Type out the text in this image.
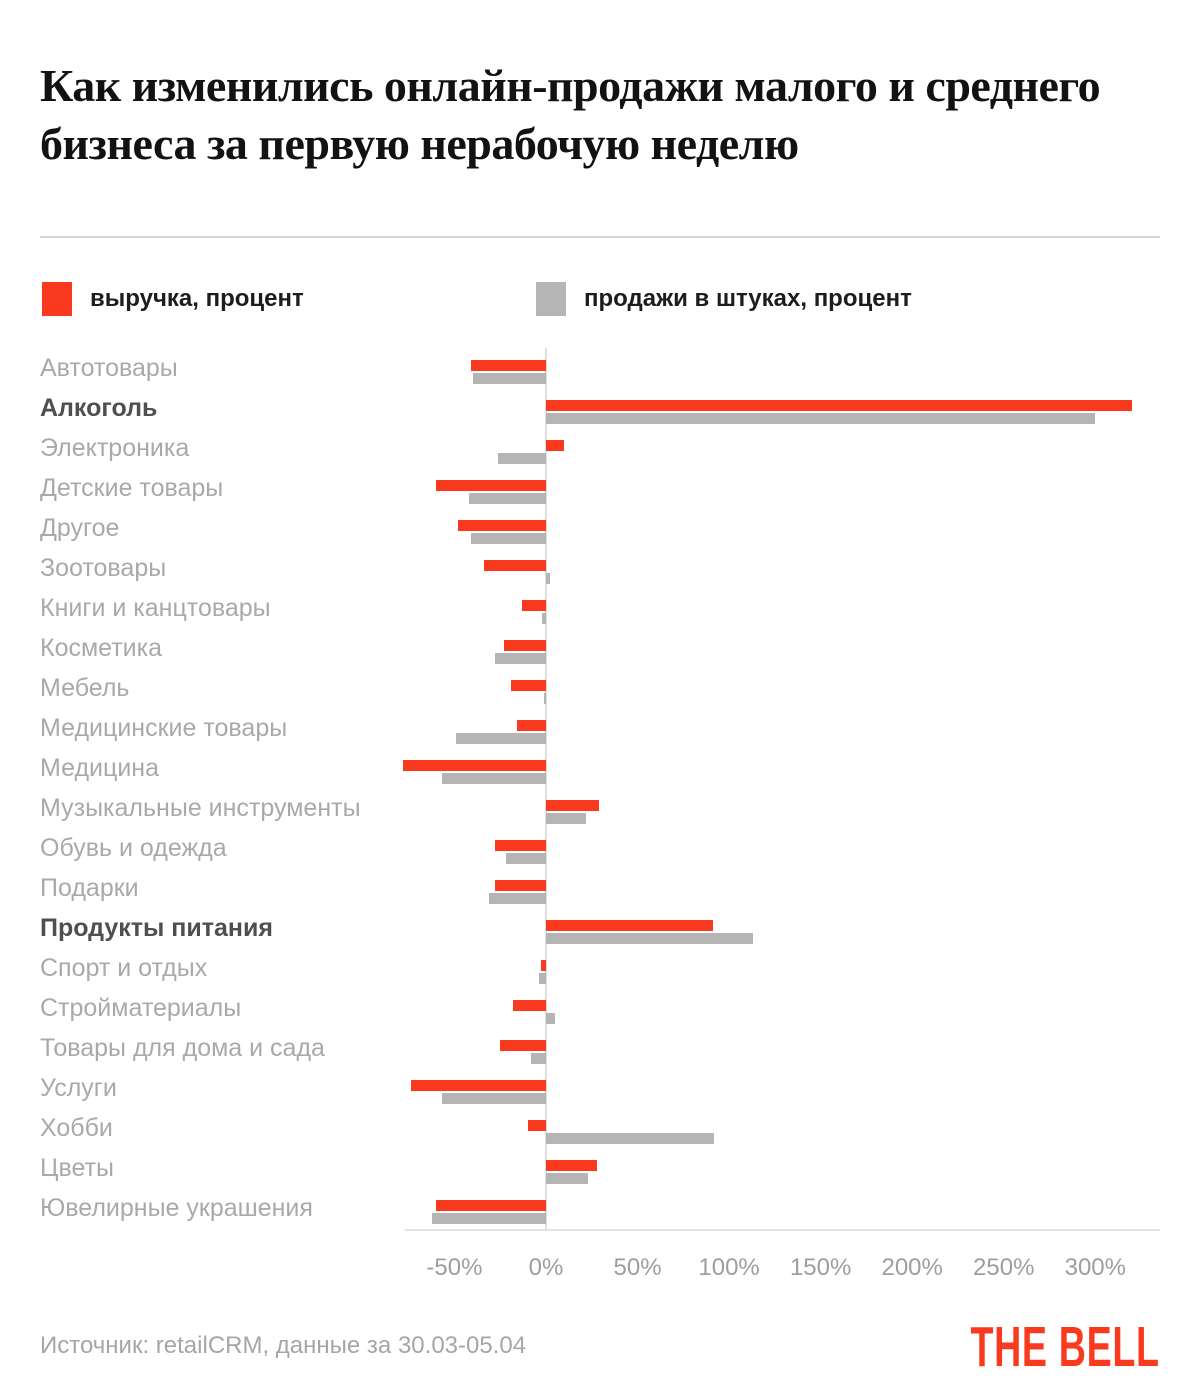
Как изменились онлайн-продажи малого и среднего бизнеса за первую нерабочую неделю
выручка, процент	продажи в штуках, процент
Автотовары
Алкоголь
Электроника
Детские товары
Другое
Зоотовары
Книги и канцтовары
Косметика
Мебель
Медицинские товары
Медицина
Музыкальные инструменты
Обувь и одежда
Подарки
Продукты питания
Спорт и отдых
Стройматериалы
Товары для дома и сада
Услуги
Хобби
Цветы
Ювелирные украшения
-50%	0%	50%	100%	150%	200%	250%	300%
Источник: retailCRM, данные за 30.03-05.04	THE BELL
